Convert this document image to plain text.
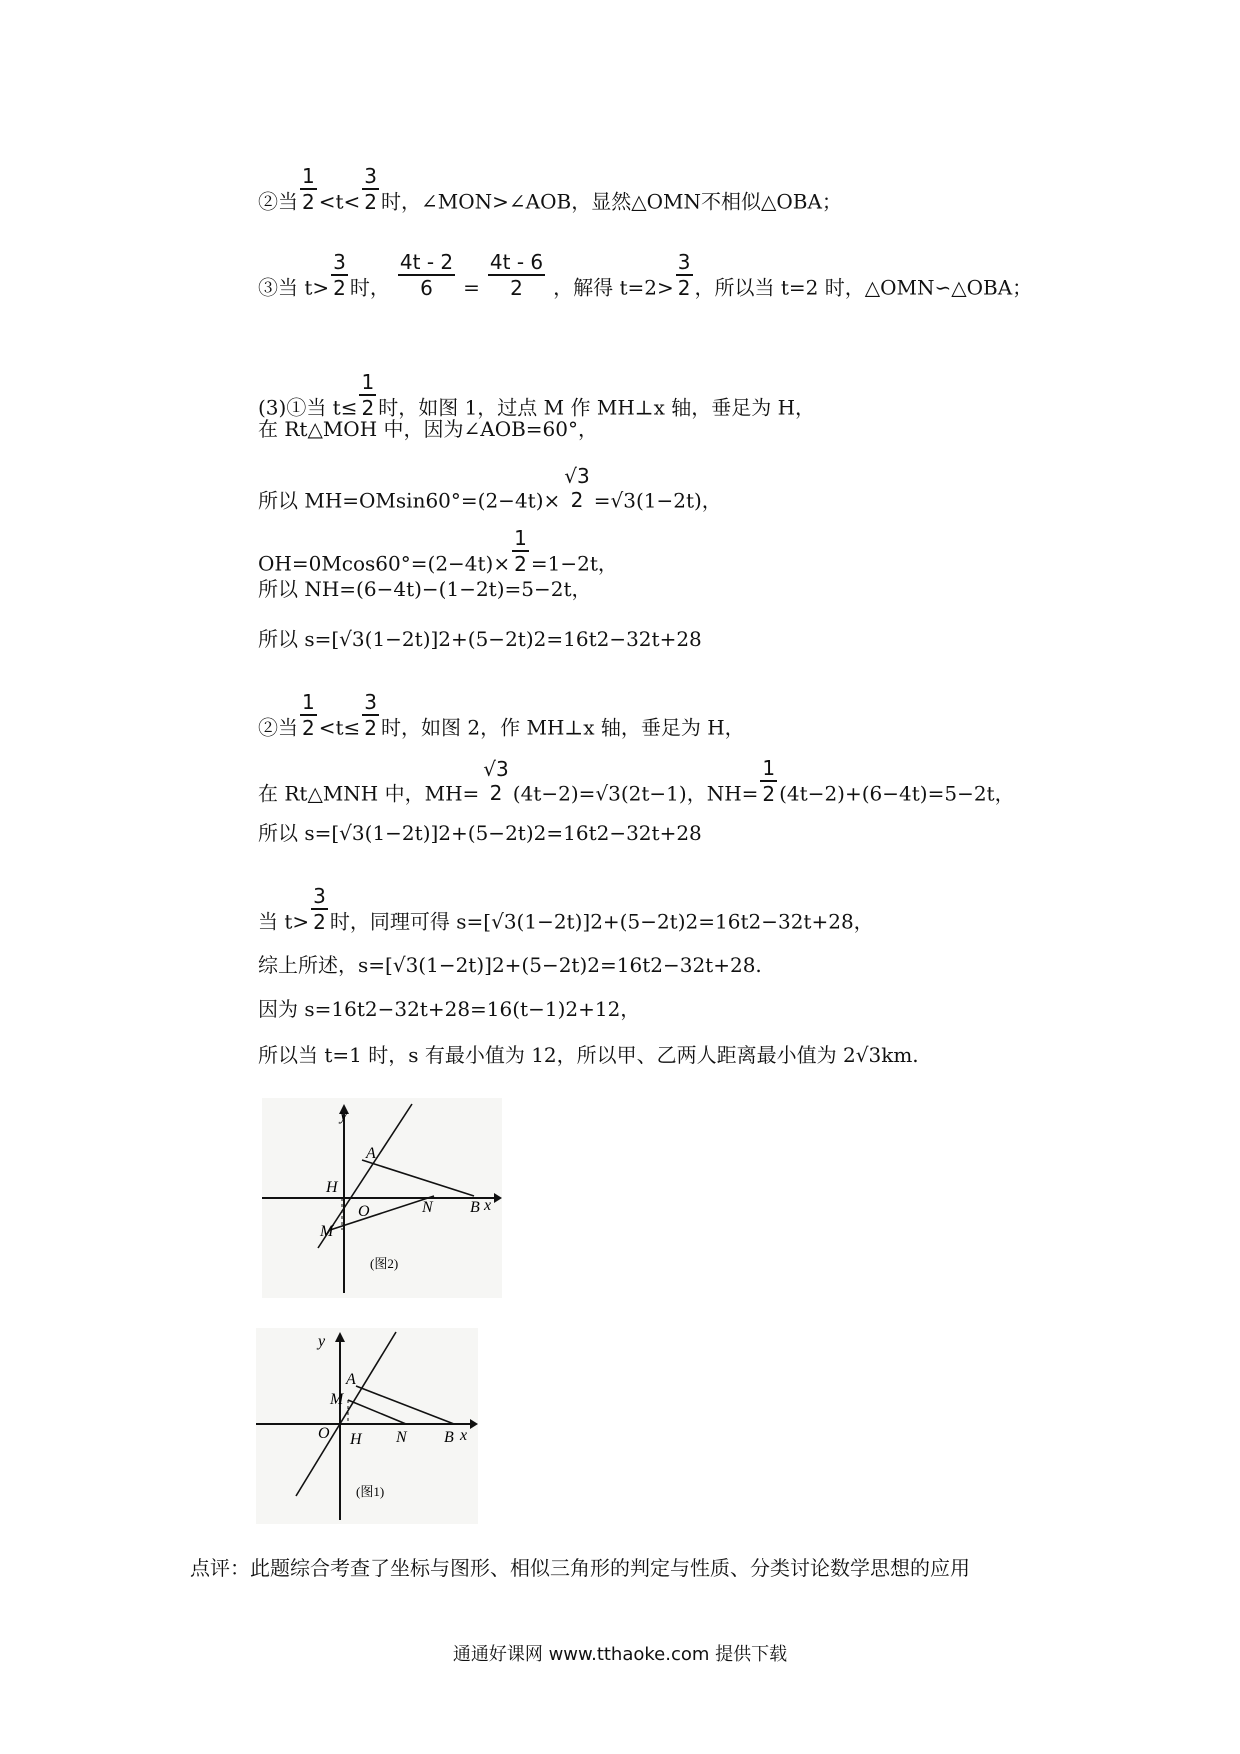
②当 $\frac{1}{2} <t< \frac{3}{2}$ 时，∠MON>∠AOB，显然△OMN不相似△OBA；
③当 $t> \frac{3}{2}$ 时， $\frac{4t - 2}{6} = \frac{4t - 6}{2}$ ，解得 $t=2> \frac{3}{2}$ ，所以当 t=2 时，△OMN∽△OBA；
(3)①当 $t\le \frac{1}{2}$ 时，如图 1，过点 M 作 MH⊥x 轴，垂足为 H，
在 Rt△MOH 中，因为∠AOB=60°，
所以 MH=OMsin60°=(2−4t)×
√3
2 =√3(1−2t)，
$OH=0Mcos60^\circ=(2-4t)\times \frac{1}{2} =1-2t$，
所以 NH=(6−4t)−(1−2t)=5−2t，
所以 s=[√3(1−2t)]2+(5−2t)2=16t2−32t+28
②当 $\frac{1}{2} <t\le \frac{3}{2}$ 时，如图 2，作 MH⊥x 轴，垂足为 H，
在 Rt△MNH 中，MH=
√3
2 (4t−2)=√3(2t−1)，$NH= \frac{1}{2} (4t-2)+(6-4t)=5-2t$，
所以 s=[√3(1−2t)]2+(5−2t)2=16t2−32t+28
当 $t> \frac{3}{2}$ 时，同理可得 s=[√3(1−2t)]2+(5−2t)2=16t2−32t+28，
综上所述，s=[√3(1−2t)]2+(5−2t)2=16t2−32t+28.
因为 s=16t2−32t+28=16(t−1)2+12，
所以当 t=1 时，s 有最小值为 12，所以甲、乙两人距离最小值为 2√3km.
y
A
H
O	N B x
M
(图2)
y
A
M
O H N B x
(图1)
点评：此题综合考查了坐标与图形、相似三角形的判定与性质、分类讨论数学思想的应用
通通好课网 www.tthaoke.com 提供下载
